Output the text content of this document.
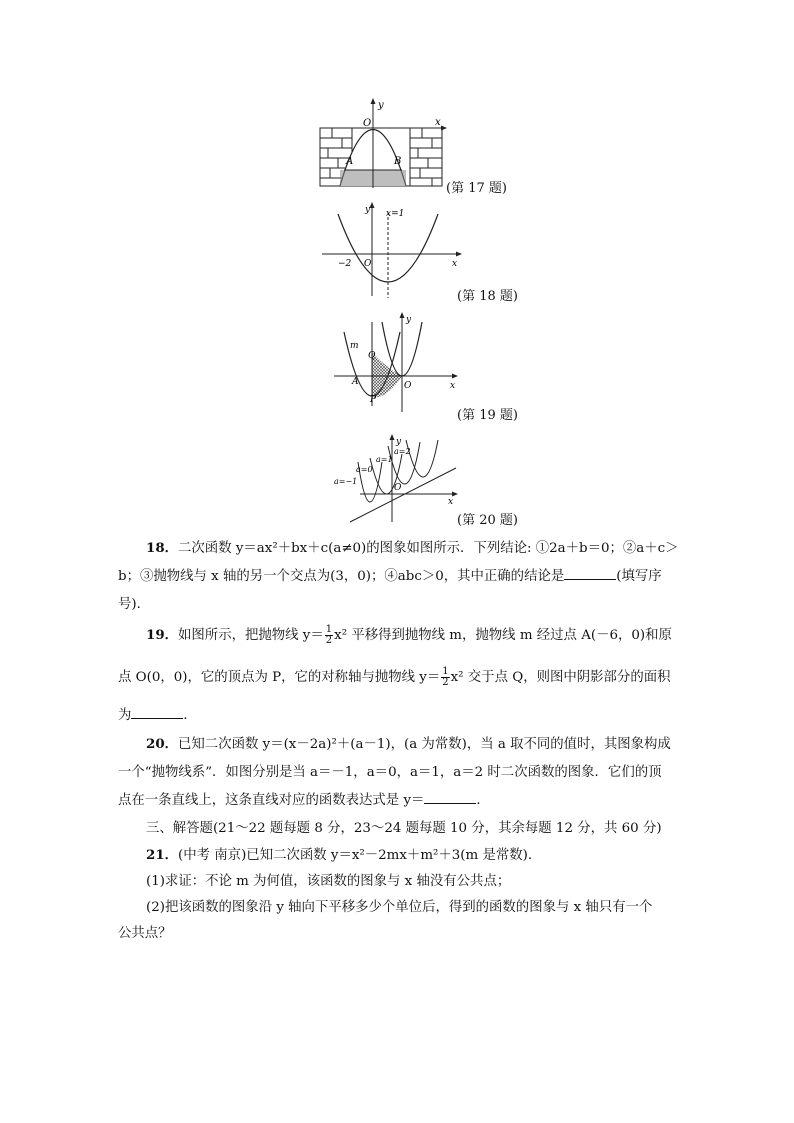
y
x
O
A	B
(第 17 题)
y x=1
x
O
−2
(第 18 题)
y
x
O
m
Q
A
P
(第 19 题)
y
x
O
a=−1
a=0
a=1
a=2
(第 20 题)
18．二次函数 y＝ax²＋bx＋c(a≠0)的图象如图所示．下列结论: ①2a＋b＝0；②a＋c＞
b；③抛物线与 x 轴的另一个交点为(3，0)；④abc＞0，其中正确的结论是	(填写序
号)．
19．如图所示，把抛物线 $y= \frac{1}{2} x^2$ 平移得到抛物线 m，抛物线 m 经过点 A(－6，0)和原
点 O(0，0)，它的顶点为 P，它的对称轴与抛物线 $y= \frac{1}{2} x^2$ 交于点 Q，则图中阴影部分的面积
为	．
20．已知二次函数 y＝(x－2a)²＋(a－1)，(a 为常数)，当 a 取不同的值时，其图象构成
一个“抛物线系”．如图分别是当 a＝－1，a＝0，a＝1，a＝2 时二次函数的图象．它们的顶
点在一条直线上，这条直线对应的函数表达式是 y＝	．
三、解答题(21～22 题每题 8 分，23～24 题每题 10 分，其余每题 12 分，共 60 分)
21．(中考 南京)已知二次函数 y＝x²－2mx＋m²＋3(m 是常数)．
(1)求证：不论 m 为何值，该函数的图象与 x 轴没有公共点；
(2)把该函数的图象沿 y 轴向下平移多少个单位后，得到的函数的图象与 x 轴只有一个
公共点？
